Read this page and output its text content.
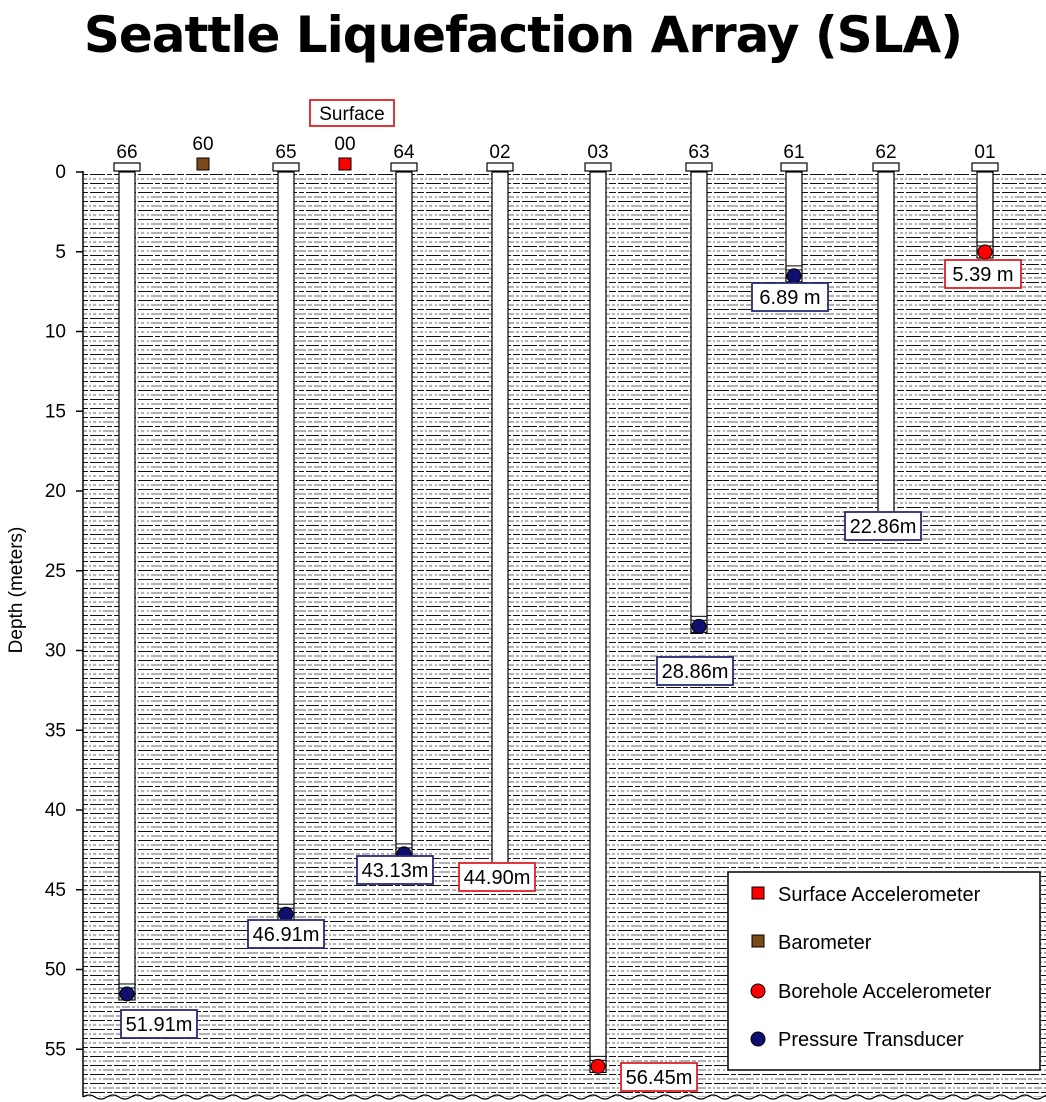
Seattle Liquefaction Array (SLA)
0
5
10
15
20
25
30
35
40
45
50
55
Depth (meters)
Surface
60	00
66
51.91m
65
46.91m
64
43.13m
02
44.90m
03
56.45m
63
28.86m
61
6.89 m
62
22.86m
01
5.39 m
Surface Accelerometer
Barometer
Borehole Accelerometer
Pressure Transducer
